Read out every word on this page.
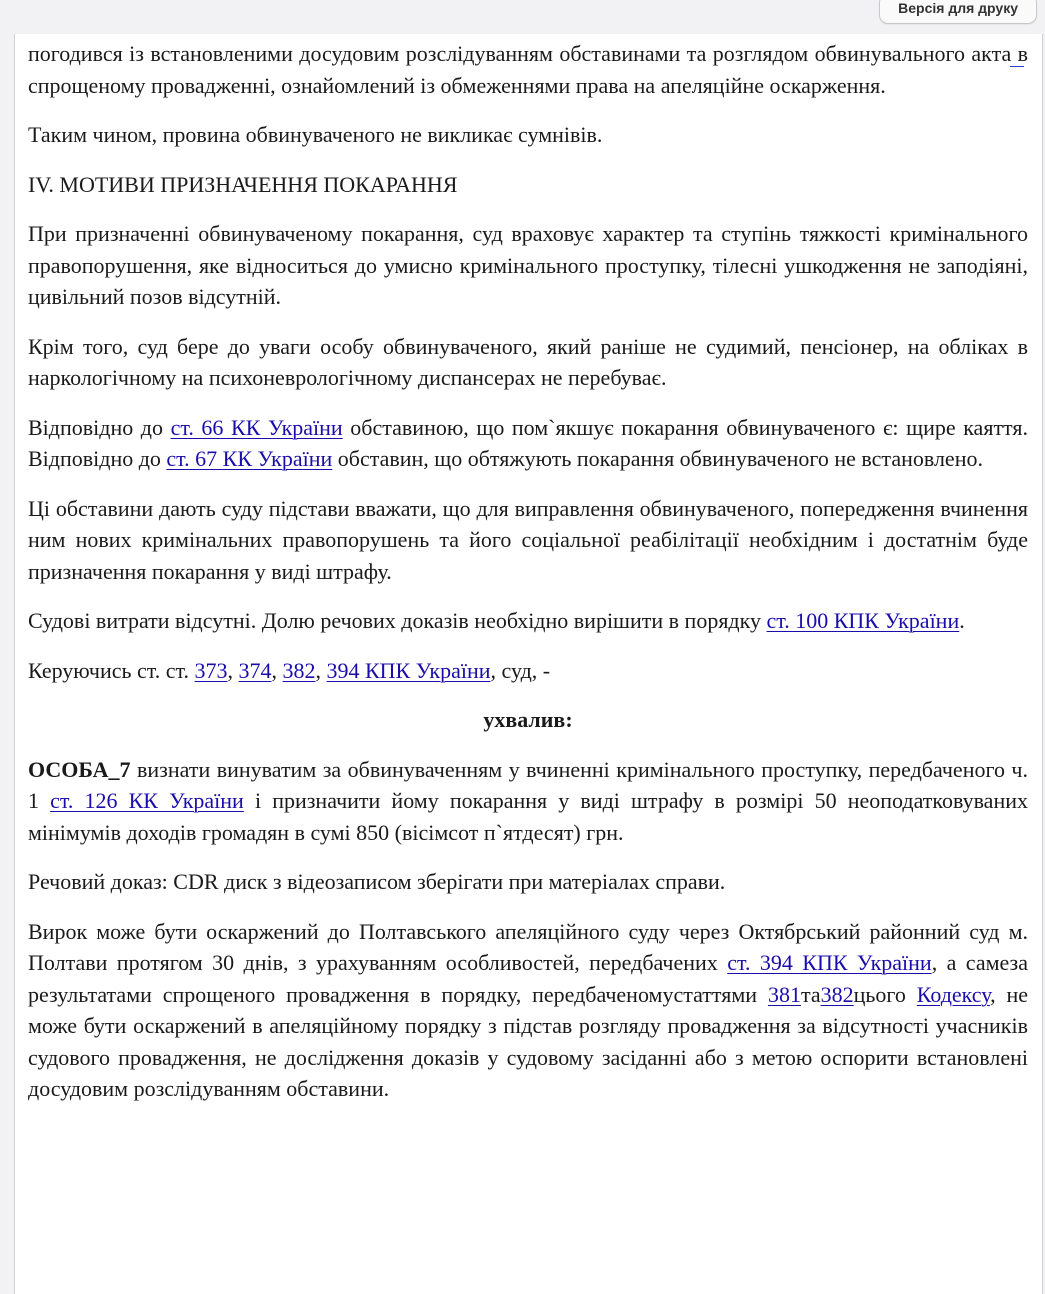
Версія для друку

погодився із встановленими досудовим розслідуванням обставинами та розглядом обвинувального акта в спрощеному провадженні, ознайомлений із обмеженнями права на апеляційне оскарження.

Таким чином, провина обвинуваченого не викликає сумнівів.

IV. МОТИВИ ПРИЗНАЧЕННЯ ПОКАРАННЯ

При призначенні обвинуваченому покарання, суд враховує характер та ступінь тяжкості кримінального правопорушення, яке відноситься до умисно кримінального проступку, тілесні ушкодження не заподіяні, цивільний позов відсутній.

Крім того, суд бере до уваги особу обвинуваченого, який раніше не судимий, пенсіонер, на обліках в наркологічному на психоневрологічному диспансерах не перебуває.

Відповідно до ст. 66 КК України обставиною, що пом`якшує покарання обвинуваченого є: щире каяття. Відповідно до ст. 67 КК України обставин, що обтяжують покарання обвинуваченого не встановлено.

Ці обставини дають суду підстави вважати, що для виправлення обвинуваченого, попередження вчинення ним нових кримінальних правопорушень та його соціальної реабілітації необхідним і достатнім буде призначення покарання у виді штрафу.

Судові витрати відсутні. Долю речових доказів необхідно вирішити в порядку ст. 100 КПК України.

Керуючись ст. ст. 373, 374, 382, 394 КПК України, суд, -

ухвалив:

ОСОБА_7 визнати винуватим за обвинуваченням у вчиненні кримінального проступку, передбаченого ч. 1 ст. 126 КК України і призначити йому покарання у виді штрафу в розмірі 50 неоподатковуваних мінімумів доходів громадян в сумі 850 (вісімсот п`ятдесят) грн.

Речовий доказ: CDR диск з відеозаписом зберігати при матеріалах справи.

Вирок може бути оскаржений до Полтавського апеляційного суду через Октябрський районний суд м. Полтави протягом 30 днів, з урахуванням особливостей, передбачених ст. 394 КПК України, а самеза результатами спрощеного провадження в порядку, передбаченомустаттями 381та382цього Кодексу, не може бути оскаржений в апеляційному порядку з підстав розгляду провадження за відсутності учасників судового провадження, не дослідження доказів у судовому засіданні або з метою оспорити встановлені досудовим розслідуванням обставини.
